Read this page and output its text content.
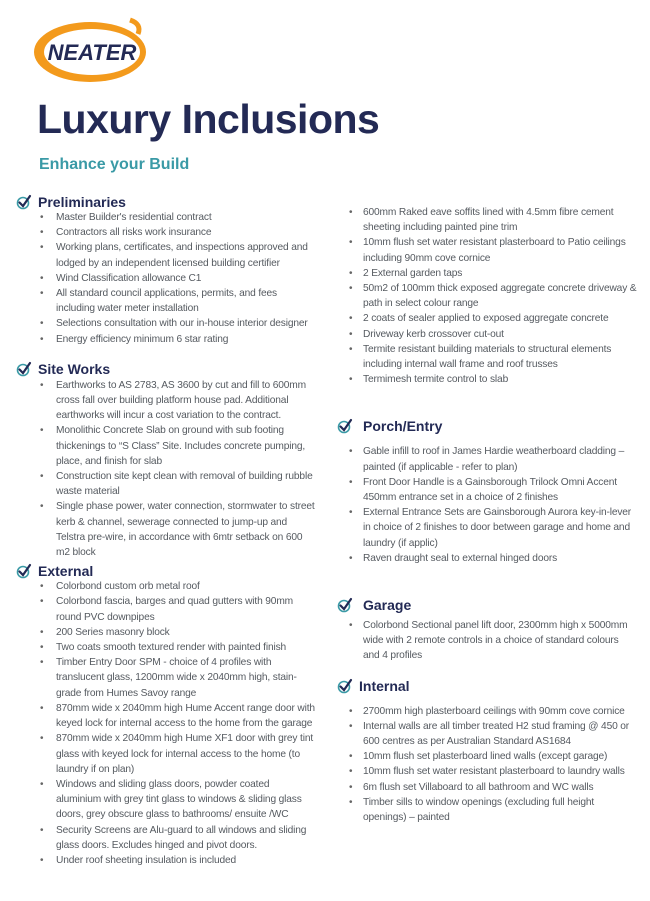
NEATER
Luxury Inclusions
Enhance your Build
Preliminaries
• Master Builder's residential contract
• Contractors all risks work insurance
• Working plans, certificates, and inspections approved and lodged by an independent licensed building certifier
• Wind Classification allowance C1
• All standard council applications, permits, and fees including water meter installation
• Selections consultation with our in-house interior designer
• Energy efficiency minimum 6 star rating
Site Works
• Earthworks to AS 2783, AS 3600 by cut and fill to 600mm cross fall over building platform house pad. Additional earthworks will incur a cost variation to the contract.
• Monolithic Concrete Slab on ground with sub footing thickenings to “S Class” Site. Includes concrete pumping, place, and finish for slab
• Construction site kept clean with removal of building rubble waste material
• Single phase power, water connection, stormwater to street kerb & channel, sewerage connected to jump-up and Telstra pre-wire, in accordance with 6mtr setback on 600 m2 block
External
• Colorbond custom orb metal roof
• Colorbond fascia, barges and quad gutters with 90mm round PVC downpipes
• 200 Series masonry block
• Two coats smooth textured render with painted finish
• Timber Entry Door SPM - choice of 4 profiles with translucent glass, 1200mm wide x 2040mm high, stain-grade from Humes Savoy range
• 870mm wide x 2040mm high Hume Accent range door with keyed lock for internal access to the home from the garage
• 870mm wide x 2040mm high Hume XF1 door with grey tint glass with keyed lock for internal access to the home (to laundry if on plan)
• Windows and sliding glass doors, powder coated aluminium with grey tint glass to windows & sliding glass doors, grey obscure glass to bathrooms/ ensuite /WC
• Security Screens are Alu-guard to all windows and sliding glass doors. Excludes hinged and pivot doors.
• Under roof sheeting insulation is included
• 600mm Raked eave soffits lined with 4.5mm fibre cement sheeting including painted pine trim
• 10mm flush set water resistant plasterboard to Patio ceilings including 90mm cove cornice
• 2 External garden taps
• 50m2 of 100mm thick exposed aggregate concrete driveway & path in select colour range
• 2 coats of sealer applied to exposed aggregate concrete
• Driveway kerb crossover cut-out
• Termite resistant building materials to structural elements including internal wall frame and roof trusses
• Termimesh termite control to slab
Porch/Entry
• Gable infill to roof in James Hardie weatherboard cladding – painted (if applicable - refer to plan)
• Front Door Handle is a Gainsborough Trilock Omni Accent 450mm entrance set in a choice of 2 finishes
• External Entrance Sets are Gainsborough Aurora key-in-lever in choice of 2 finishes to door between garage and home and laundry (if applic)
• Raven draught seal to external hinged doors
Garage
• Colorbond Sectional panel lift door, 2300mm high x 5000mm wide with 2 remote controls in a choice of standard colours and 4 profiles
Internal
• 2700mm high plasterboard ceilings with 90mm cove cornice
• Internal walls are all timber treated H2 stud framing @ 450 or 600 centres as per Australian Standard AS1684
• 10mm flush set plasterboard lined walls (except garage)
• 10mm flush set water resistant plasterboard to laundry walls
• 6m flush set Villaboard to all bathroom and WC walls
• Timber sills to window openings (excluding full height openings) – painted
